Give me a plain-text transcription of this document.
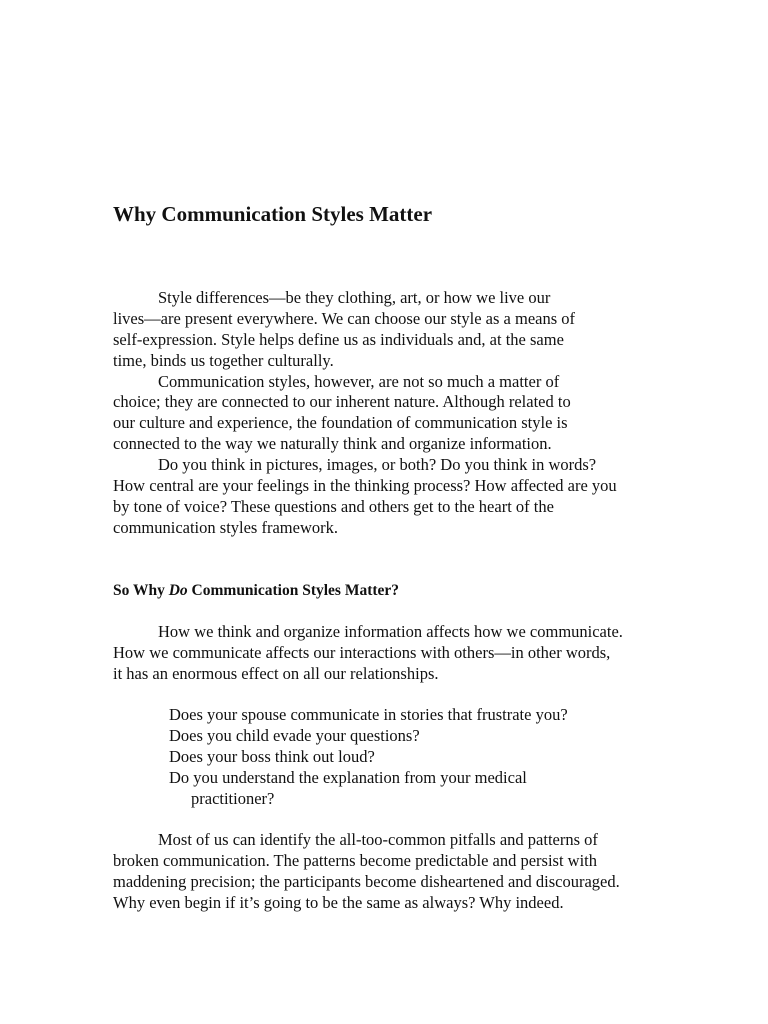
Why Communication Styles Matter
Style differences—be they clothing, art, or how we live our
lives—are present everywhere. We can choose our style as a means of
self-expression. Style helps define us as individuals and, at the same
time, binds us together culturally.
Communication styles, however, are not so much a matter of
choice; they are connected to our inherent nature. Although related to
our culture and experience, the foundation of communication style is
connected to the way we naturally think and organize information.
Do you think in pictures, images, or both? Do you think in words?
How central are your feelings in the thinking process? How affected are you
by tone of voice? These questions and others get to the heart of the
communication styles framework.
So Why Do Communication Styles Matter?
How we think and organize information affects how we communicate.
How we communicate affects our interactions with others—in other words,
it has an enormous effect on all our relationships.
Does your spouse communicate in stories that frustrate you?
Does you child evade your questions?
Does your boss think out loud?
Do you understand the explanation from your medical
practitioner?
Most of us can identify the all-too-common pitfalls and patterns of
broken communication. The patterns become predictable and persist with
maddening precision; the participants become disheartened and discouraged.
Why even begin if it’s going to be the same as always? Why indeed.
